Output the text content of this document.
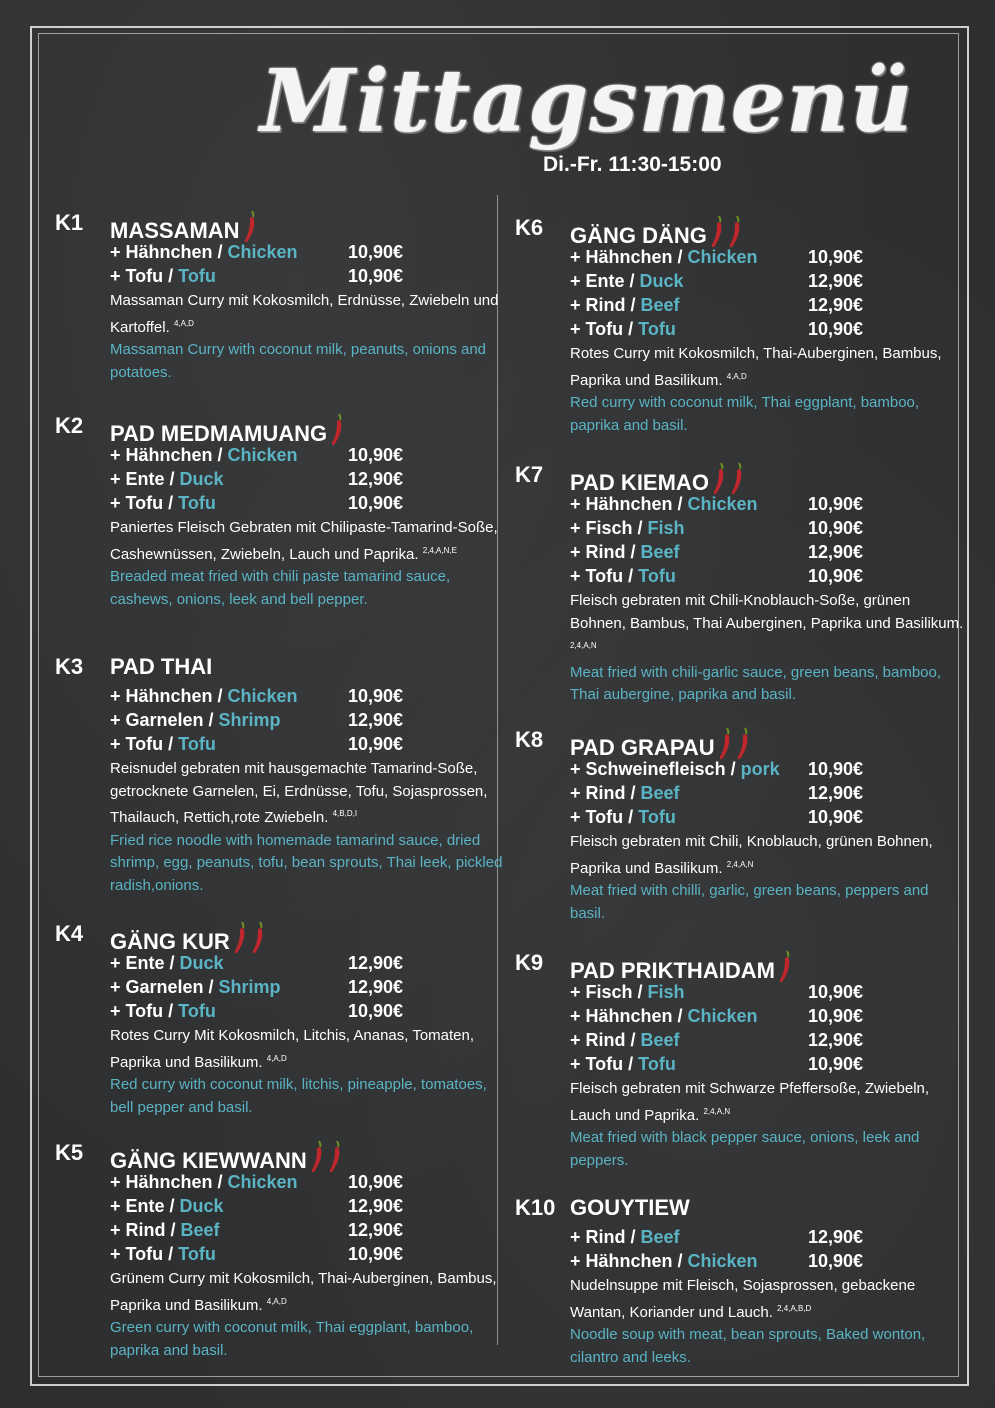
Mittagsmenü
Di.-Fr. 11:30-15:00
K1 MASSAMAN
+ Hähnchen / Chicken	10,90€
+ Tofu / Tofu	10,90€
Massaman Curry mit Kokosmilch, Erdnüsse, Zwiebeln und Kartoffel. $^{4,A,D}$
Massaman Curry with coconut milk, peanuts, onions and potatoes.
K2 PAD MEDMAMUANG
+ Hähnchen / Chicken	10,90€
+ Ente / Duck	12,90€
+ Tofu / Tofu	10,90€
Paniertes Fleisch Gebraten mit Chilipaste-Tamarind-Soße, Cashewnüssen, Zwiebeln, Lauch und Paprika. $^{2,4,A,N,E}$
Breaded meat fried with chili paste tamarind sauce, cashews, onions, leek and bell pepper.
K3 PAD THAI
+ Hähnchen / Chicken	10,90€
+ Garnelen / Shrimp	12,90€
+ Tofu / Tofu	10,90€
Reisnudel gebraten mit hausgemachte Tamarind-Soße, getrocknete Garnelen, Ei, Erdnüsse, Tofu, Sojasprossen, Thailauch, Rettich,rote Zwiebeln. $^{4,B,D,I}$
Fried rice noodle with homemade tamarind sauce, dried shrimp, egg, peanuts, tofu, bean sprouts, Thai leek, pickled radish,onions.
K4 GÄNG KUR
+ Ente / Duck	12,90€
+ Garnelen / Shrimp	12,90€
+ Tofu / Tofu	10,90€
Rotes Curry Mit Kokosmilch, Litchis, Ananas, Tomaten, Paprika und Basilikum. $^{4,A,D}$
Red curry with coconut milk, litchis, pineapple, tomatoes, bell pepper and basil.
K5 GÄNG KIEWWANN
+ Hähnchen / Chicken	10,90€
+ Ente / Duck	12,90€
+ Rind / Beef	12,90€
+ Tofu / Tofu	10,90€
Grünem Curry mit Kokosmilch, Thai-Auberginen, Bambus, Paprika und Basilikum. $^{4,A,D}$
Green curry with coconut milk, Thai eggplant, bamboo, paprika and basil.
K6 GÄNG DÄNG
+ Hähnchen / Chicken	10,90€
+ Ente / Duck	12,90€
+ Rind / Beef	12,90€
+ Tofu / Tofu	10,90€
Rotes Curry mit Kokosmilch, Thai-Auberginen, Bambus, Paprika und Basilikum. $^{4,A,D}$
Red curry with coconut milk, Thai eggplant, bamboo, paprika and basil.
K7 PAD KIEMAO
+ Hähnchen / Chicken	10,90€
+ Fisch / Fish	10,90€
+ Rind / Beef	12,90€
+ Tofu / Tofu	10,90€
Fleisch gebraten mit Chili-Knoblauch-Soße, grünen Bohnen, Bambus, Thai Auberginen, Paprika und Basilikum. $^{2,4,A,N}$
Meat fried with chili-garlic sauce, green beans, bamboo, Thai aubergine, paprika and basil.
K8 PAD GRAPAU
+ Schweinefleisch / pork 10,90€
+ Rind / Beef	12,90€
+ Tofu / Tofu	10,90€
Fleisch gebraten mit Chili, Knoblauch, grünen Bohnen, Paprika und Basilikum. $^{2,4,A,N}$
Meat fried with chilli, garlic, green beans, peppers and basil.
K9 PAD PRIKTHAIDAM
+ Fisch / Fish	10,90€
+ Hähnchen / Chicken	10,90€
+ Rind / Beef	12,90€
+ Tofu / Tofu	10,90€
Fleisch gebraten mit Schwarze Pfeffersoße, Zwiebeln, Lauch und Paprika. $^{2,4,A,N}$
Meat fried with black pepper sauce, onions, leek and peppers.
K10 GOUYTIEW
+ Rind / Beef	12,90€
+ Hähnchen / Chicken	10,90€
Nudelnsuppe mit Fleisch, Sojasprossen, gebackene Wantan, Koriander und Lauch. $^{2,4,A,B,D}$
Noodle soup with meat, bean sprouts, Baked wonton, cilantro and leeks.
